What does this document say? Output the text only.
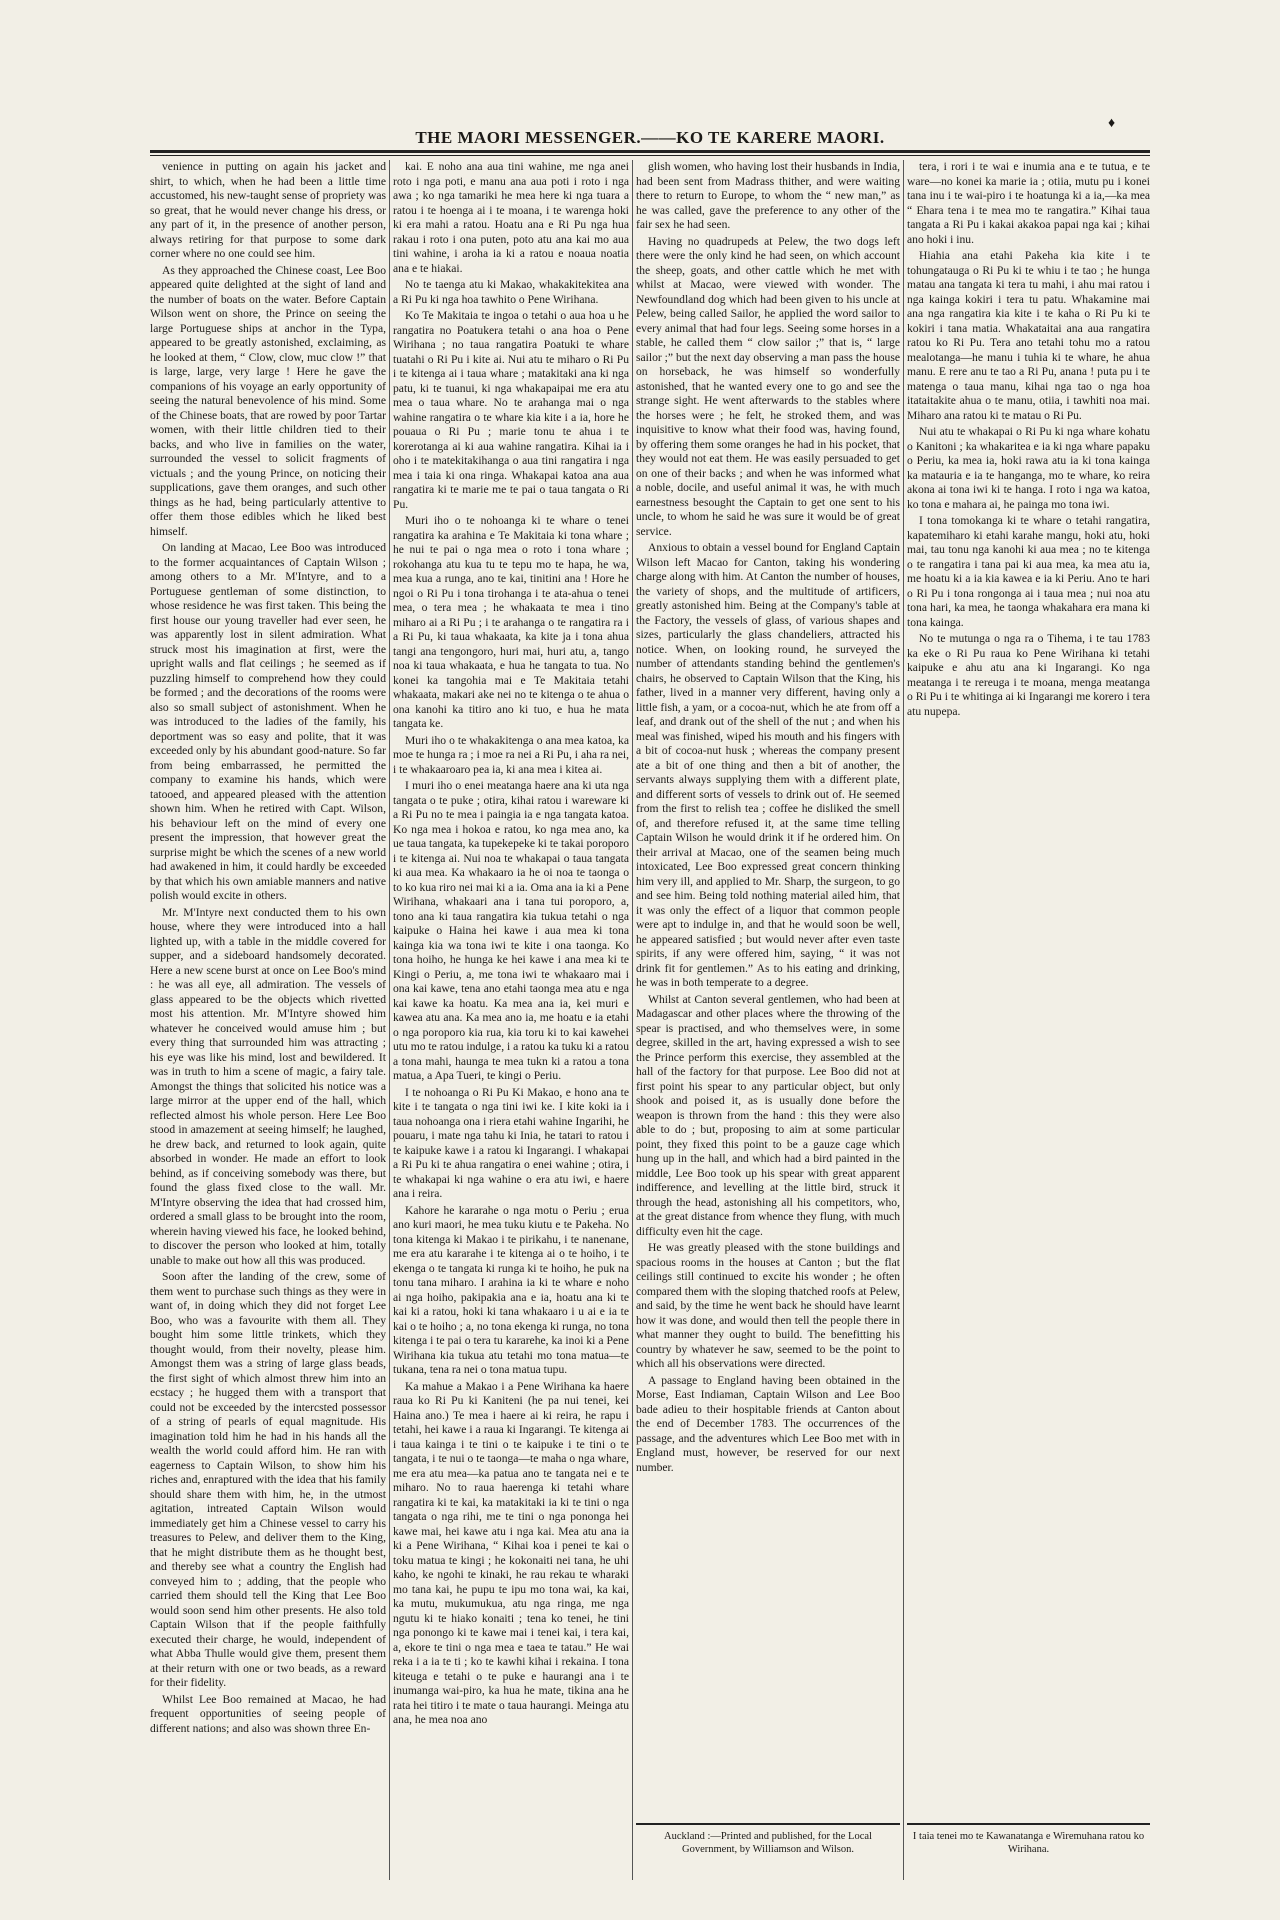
♦
THE MAORI MESSENGER.——KO TE KARERE MAORI.

venience in putting on again his jacket and shirt, to which, when he had been a little time accustomed, his new-taught sense of propriety was so great, that he would never change his dress, or any part of it, in the presence of another person, always retiring for that purpose to some dark corner where no one could see him.

As they approached the Chinese coast, Lee Boo appeared quite delighted at the sight of land and the number of boats on the water. Before Captain Wilson went on shore, the Prince on seeing the large Portuguese ships at anchor in the Typa, appeared to be greatly astonished, exclaiming, as he looked at them, “ Clow, clow, muc clow !” that is large, large, very large ! Here he gave the companions of his voyage an early opportunity of seeing the natural benevolence of his mind. Some of the Chinese boats, that are rowed by poor Tartar women, with their little children tied to their backs, and who live in families on the water, surrounded the vessel to solicit fragments of victuals ; and the young Prince, on noticing their supplications, gave them oranges, and such other things as he had, being particularly attentive to offer them those edibles which he liked best himself.

On landing at Macao, Lee Boo was introduced to the former acquaintances of Captain Wilson ; among others to a Mr. M'Intyre, and to a Portuguese gentleman of some distinction, to whose residence he was first taken. This being the first house our young traveller had ever seen, he was apparently lost in silent admiration. What struck most his imagination at first, were the upright walls and flat ceilings ; he seemed as if puzzling himself to comprehend how they could be formed ; and the decorations of the rooms were also so small subject of astonishment. When he was introduced to the ladies of the family, his deportment was so easy and polite, that it was exceeded only by his abundant good-nature. So far from being embarrassed, he permitted the company to examine his hands, which were tatooed, and appeared pleased with the attention shown him. When he retired with Capt. Wilson, his behaviour left on the mind of every one present the impression, that however great the surprise might be which the scenes of a new world had awakened in him, it could hardly be exceeded by that which his own amiable manners and native polish would excite in others.

Mr. M'Intyre next conducted them to his own house, where they were introduced into a hall lighted up, with a table in the middle covered for supper, and a sideboard handsomely decorated. Here a new scene burst at once on Lee Boo's mind : he was all eye, all admiration. The vessels of glass appeared to be the objects which rivetted most his attention. Mr. M'Intyre showed him whatever he conceived would amuse him ; but every thing that surrounded him was attracting ; his eye was like his mind, lost and bewildered. It was in truth to him a scene of magic, a fairy tale. Amongst the things that solicited his notice was a large mirror at the upper end of the hall, which reflected almost his whole person. Here Lee Boo stood in amazement at seeing himself; he laughed, he drew back, and returned to look again, quite absorbed in wonder. He made an effort to look behind, as if conceiving somebody was there, but found the glass fixed close to the wall. Mr. M'Intyre observing the idea that had crossed him, ordered a small glass to be brought into the room, wherein having viewed his face, he looked behind, to discover the person who looked at him, totally unable to make out how all this was produced.

Soon after the landing of the crew, some of them went to purchase such things as they were in want of, in doing which they did not forget Lee Boo, who was a favourite with them all. They bought him some little trinkets, which they thought would, from their novelty, please him. Amongst them was a string of large glass beads, the first sight of which almost threw him into an ecstacy ; he hugged them with a transport that could not be exceeded by the intercsted possessor of a string of pearls of equal magnitude. His imagination told him he had in his hands all the wealth the world could afford him. He ran with eagerness to Captain Wilson, to show him his riches and, enraptured with the idea that his family should share them with him, he, in the utmost agitation, intreated Captain Wilson would immediately get him a Chinese vessel to carry his treasures to Pelew, and deliver them to the King, that he might distribute them as he thought best, and thereby see what a country the English had conveyed him to ; adding, that the people who carried them should tell the King that Lee Boo would soon send him other presents. He also told Captain Wilson that if the people faithfully executed their charge, he would, independent of what Abba Thulle would give them, present them at their return with one or two beads, as a reward for their fidelity.

Whilst Lee Boo remained at Macao, he had frequent opportunities of seeing people of different nations; and also was shown three En-

kai. E noho ana aua tini wahine, me nga anei roto i nga poti, e manu ana aua poti i roto i nga awa ; ko nga tamariki he mea here ki nga tuara a ratou i te hoenga ai i te moana, i te warenga hoki ki era mahi a ratou. Hoatu ana e Ri Pu nga hua rakau i roto i ona puten, poto atu ana kai mo aua tini wahine, i aroha ia ki a ratou e noaua noatia ana e te hiakai.

No te taenga atu ki Makao, whakakitekitea ana a Ri Pu ki nga hoa tawhito o Pene Wirihana.

Ko Te Makitaia te ingoa o tetahi o aua hoa u he rangatira no Poatukera tetahi o ana hoa o Pene Wirihana ; no taua rangatira Poatuki te whare tuatahi o Ri Pu i kite ai. Nui atu te miharo o Ri Pu i te kitenga ai i taua whare ; matakitaki ana ki nga patu, ki te tuanui, ki nga whakapaipai me era atu mea o taua whare. No te arahanga mai o nga wahine rangatira o te whare kia kite i a ia, hore he pouaua o Ri Pu ; marie tonu te ahua i te korerotanga ai ki aua wahine rangatira. Kihai ia i oho i te matekitakihanga o aua tini rangatira i nga mea i taia ki ona ringa. Whakapai katoa ana aua rangatira ki te marie me te pai o taua tangata o Ri Pu.

Muri iho o te nohoanga ki te whare o tenei rangatira ka arahina e Te Makitaia ki tona whare ; he nui te pai o nga mea o roto i tona whare ; rokohanga atu kua tu te tepu mo te hapa, he wa, mea kua a runga, ano te kai, tinitini ana ! Hore he ngoi o Ri Pu i tona tirohanga i te ata-ahua o tenei mea, o tera mea ; he whakaata te mea i tino miharo ai a Ri Pu ; i te arahanga o te rangatira ra i a Ri Pu, ki taua whakaata, ka kite ja i tona ahua tangi ana tengongoro, huri mai, huri atu, a, tango noa ki taua whakaata, e hua he tangata to tua. No konei ka tangohia mai e Te Makitaia tetahi whakaata, makari ake nei no te kitenga o te ahua o ona kanohi ka titiro ano ki tuo, e hua he mata tangata ke.

Muri iho o te whakakitenga o ana mea katoa, ka moe te hunga ra ; i moe ra nei a Ri Pu, i aha ra nei, i te whakaaroaro pea ia, ki ana mea i kitea ai.

I muri iho o enei meatanga haere ana ki uta nga tangata o te puke ; otira, kihai ratou i wareware ki a Ri Pu no te mea i paingia ia e nga tangata katoa. Ko nga mea i hokoa e ratou, ko nga mea ano, ka ue taua tangata, ka tupekepeke ki te takai poroporo i te kitenga ai. Nui noa te whakapai o taua tangata ki aua mea. Ka whakaaro ia he oi noa te taonga o to ko kua riro nei mai ki a ia. Oma ana ia ki a Pene Wirihana, whakaari ana i tana tui poroporo, a, tono ana ki taua rangatira kia tukua tetahi o nga kaipuke o Haina hei kawe i aua mea ki tona kainga kia wa tona iwi te kite i ona taonga. Ko tona hoiho, he hunga ke hei kawe i ana mea ki te Kingi o Periu, a, me tona iwi te whakaaro mai i ona kai kawe, tena ano etahi taonga mea atu e nga kai kawe ka hoatu. Ka mea ana ia, kei muri e kawea atu ana. Ka mea ano ia, me hoatu e ia etahi o nga poroporo kia rua, kia toru ki to kai kawehei utu mo te ratou indulge, i a ratou ka tuku ki a ratou a tona mahi, haunga te mea tukn ki a ratou a tona matua, a Apa Tueri, te kingi o Periu.

I te nohoanga o Ri Pu Ki Makao, e hono ana te kite i te tangata o nga tini iwi ke. I kite koki ia i taua nohoanga ona i riera etahi wahine Ingarihi, he pouaru, i mate nga tahu ki Inia, he tatari to ratou i te kaipuke kawe i a ratou ki Ingarangi. I whakapai a Ri Pu ki te ahua rangatira o enei wahine ; otira, i te whakapai ki nga wahine o era atu iwi, e haere ana i reira.

Kahore he kararahe o nga motu o Periu ; erua ano kuri maori, he mea tuku kiutu e te Pakeha. No tona kitenga ki Makao i te pirikahu, i te nanenane, me era atu kararahe i te kitenga ai o te hoiho, i te ekenga o te tangata ki runga ki te hoiho, he puk na tonu tana miharo. I arahina ia ki te whare e noho ai nga hoiho, pakipakia ana e ia, hoatu ana ki te kai ki a ratou, hoki ki tana whakaaro i u ai e ia te kai o te hoiho ; a, no tona ekenga ki runga, no tona kitenga i te pai o tera tu kararehe, ka inoi ki a Pene Wirihana kia tukua atu tetahi mo tona matua—te tukana, tena ra nei o tona matua tupu.

Ka mahue a Makao i a Pene Wirihana ka haere raua ko Ri Pu ki Kaniteni (he pa nui tenei, kei Haina ano.) Te mea i haere ai ki reira, he rapu i tetahi, hei kawe i a raua ki Ingarangi. Te kitenga ai i taua kainga i te tini o te kaipuke i te tini o te tangata, i te nui o te taonga—te maha o nga whare, me era atu mea—ka patua ano te tangata nei e te miharo. No to raua haerenga ki tetahi whare rangatira ki te kai, ka matakitaki ia ki te tini o nga tangata o nga rihi, me te tini o nga pononga hei kawe mai, hei kawe atu i nga kai. Mea atu ana ia ki a Pene Wirihana, “ Kihai koa i penei te kai o toku matua te kingi ; he kokonaiti nei tana, he uhi kaho, ke ngohi te kinaki, he rau rekau te wharaki mo tana kai, he pupu te ipu mo tona wai, ka kai, ka mutu, mukumukua, atu nga ringa, me nga ngutu ki te hiako konaiti ; tena ko tenei, he tini nga ponongo ki te kawe mai i tenei kai, i tera kai, a, ekore te tini o nga mea e taea te tatau.” He wai reka i a ia te ti ; ko te kawhi kihai i rekaina. I tona kiteuga e tetahi o te puke e haurangi ana i te inumanga wai-piro, ka hua he mate, tikina ana he rata hei titiro i te mate o taua haurangi. Meinga atu ana, he mea noa ano

glish women, who having lost their husbands in India, had been sent from Madrass thither, and were waiting there to return to Europe, to whom the “ new man,” as he was called, gave the preference to any other of the fair sex he had seen.

Having no quadrupeds at Pelew, the two dogs left there were the only kind he had seen, on which account the sheep, goats, and other cattle which he met with whilst at Macao, were viewed with wonder. The Newfoundland dog which had been given to his uncle at Pelew, being called Sailor, he applied the word sailor to every animal that had four legs. Seeing some horses in a stable, he called them “ clow sailor ;” that is, “ large sailor ;” but the next day observing a man pass the house on horseback, he was himself so wonderfully astonished, that he wanted every one to go and see the strange sight. He went afterwards to the stables where the horses were ; he felt, he stroked them, and was inquisitive to know what their food was, having found, by offering them some oranges he had in his pocket, that they would not eat them. He was easily persuaded to get on one of their backs ; and when he was informed what a noble, docile, and useful animal it was, he with much earnestness besought the Captain to get one sent to his uncle, to whom he said he was sure it would be of great service.

Anxious to obtain a vessel bound for England Captain Wilson left Macao for Canton, taking his wondering charge along with him. At Canton the number of houses, the variety of shops, and the multitude of artificers, greatly astonished him. Being at the Company's table at the Factory, the vessels of glass, of various shapes and sizes, particularly the glass chandeliers, attracted his notice. When, on looking round, he surveyed the number of attendants standing behind the gentlemen's chairs, he observed to Captain Wilson that the King, his father, lived in a manner very different, having only a little fish, a yam, or a cocoa-nut, which he ate from off a leaf, and drank out of the shell of the nut ; and when his meal was finished, wiped his mouth and his fingers with a bit of cocoa-nut husk ; whereas the company present ate a bit of one thing and then a bit of another, the servants always supplying them with a different plate, and different sorts of vessels to drink out of. He seemed from the first to relish tea ; coffee he disliked the smell of, and therefore refused it, at the same time telling Captain Wilson he would drink it if he ordered him. On their arrival at Macao, one of the seamen being much intoxicated, Lee Boo expressed great concern thinking him very ill, and applied to Mr. Sharp, the surgeon, to go and see him. Being told nothing material ailed him, that it was only the effect of a liquor that common people were apt to indulge in, and that he would soon be well, he appeared satisfied ; but would never after even taste spirits, if any were offered him, saying, “ it was not drink fit for gentlemen.” As to his eating and drinking, he was in both temperate to a degree.

Whilst at Canton several gentlemen, who had been at Madagascar and other places where the throwing of the spear is practised, and who themselves were, in some degree, skilled in the art, having expressed a wish to see the Prince perform this exercise, they assembled at the hall of the factory for that purpose. Lee Boo did not at first point his spear to any particular object, but only shook and poised it, as is usually done before the weapon is thrown from the hand : this they were also able to do ; but, proposing to aim at some particular point, they fixed this point to be a gauze cage which hung up in the hall, and which had a bird painted in the middle, Lee Boo took up his spear with great apparent indifference, and levelling at the little bird, struck it through the head, astonishing all his competitors, who, at the great distance from whence they flung, with much difficulty even hit the cage.

He was greatly pleased with the stone buildings and spacious rooms in the houses at Canton ; but the flat ceilings still continued to excite his wonder ; he often compared them with the sloping thatched roofs at Pelew, and said, by the time he went back he should have learnt how it was done, and would then tell the people there in what manner they ought to build. The benefitting his country by whatever he saw, seemed to be the point to which all his observations were directed.

A passage to England having been obtained in the Morse, East Indiaman, Captain Wilson and Lee Boo bade adieu to their hospitable friends at Canton about the end of December 1783. The occurrences of the passage, and the adventures which Lee Boo met with in England must, however, be reserved for our next number.

tera, i rori i te wai e inumia ana e te tutua, e te ware—no konei ka marie ia ; otiia, mutu pu i konei tana inu i te wai-piro i te hoatunga ki a ia,—ka mea “ Ehara tena i te mea mo te rangatira.” Kihai taua tangata a Ri Pu i kakai akakoa papai nga kai ; kihai ano hoki i inu.

Hiahia ana etahi Pakeha kia kite i te tohungatauga o Ri Pu ki te whiu i te tao ; he hunga matau ana tangata ki tera tu mahi, i ahu mai ratou i nga kainga kokiri i tera tu patu. Whakamine mai ana nga rangatira kia kite i te kaha o Ri Pu ki te kokiri i tana matia. Whakataitai ana aua rangatira ratou ko Ri Pu. Tera ano tetahi tohu mo a ratou mealotanga—he manu i tuhia ki te whare, he ahua manu. E rere anu te tao a Ri Pu, anana ! puta pu i te matenga o taua manu, kihai nga tao o nga hoa itataitakite ahua o te manu, otiia, i tawhiti noa mai. Miharo ana ratou ki te matau o Ri Pu.

Nui atu te whakapai o Ri Pu ki nga whare kohatu o Kanitoni ; ka whakaritea e ia ki nga whare papaku o Periu, ka mea ia, hoki rawa atu ia ki tona kainga ka matauria e ia te hangangа, mo te whare, ko reira akona ai tona iwi ki te hanga. I roto i nga wa katoa, ko tona e mahara ai, he painga mo tona iwi.

I tona tomokanga ki te whare o tetahi rangatira, kapatemiharo ki etahi karahe mangu, hoki atu, hoki mai, tau tonu nga kanohi ki aua mea ; no te kitenga o te rangatira i tana pai ki aua mea, ka mea atu ia, me hoatu ki a ia kia kawea e ia ki Periu. Ano te hari o Ri Pu i tona rongonga ai i taua mea ; nui noa atu tona hari, ka mea, he taonga whakahara era mana ki tona kainga.

No te mutunga o nga ra o Tihema, i te tau 1783 ka eke o Ri Pu raua ko Pene Wirihana ki tetahi kaipuke e ahu atu ana ki Ingarangi. Ko nga meatanga i te rereuga i te moana, menga meatanga o Ri Pu i te whitinga ai ki Ingarangi me korero i tera atu nupepa.

Auckland :—Printed and published, for the Local Government, by Williamson and Wilson.
I taia tenei mo te Kawanatanga e Wiremuhana ratou ko Wirihana.
